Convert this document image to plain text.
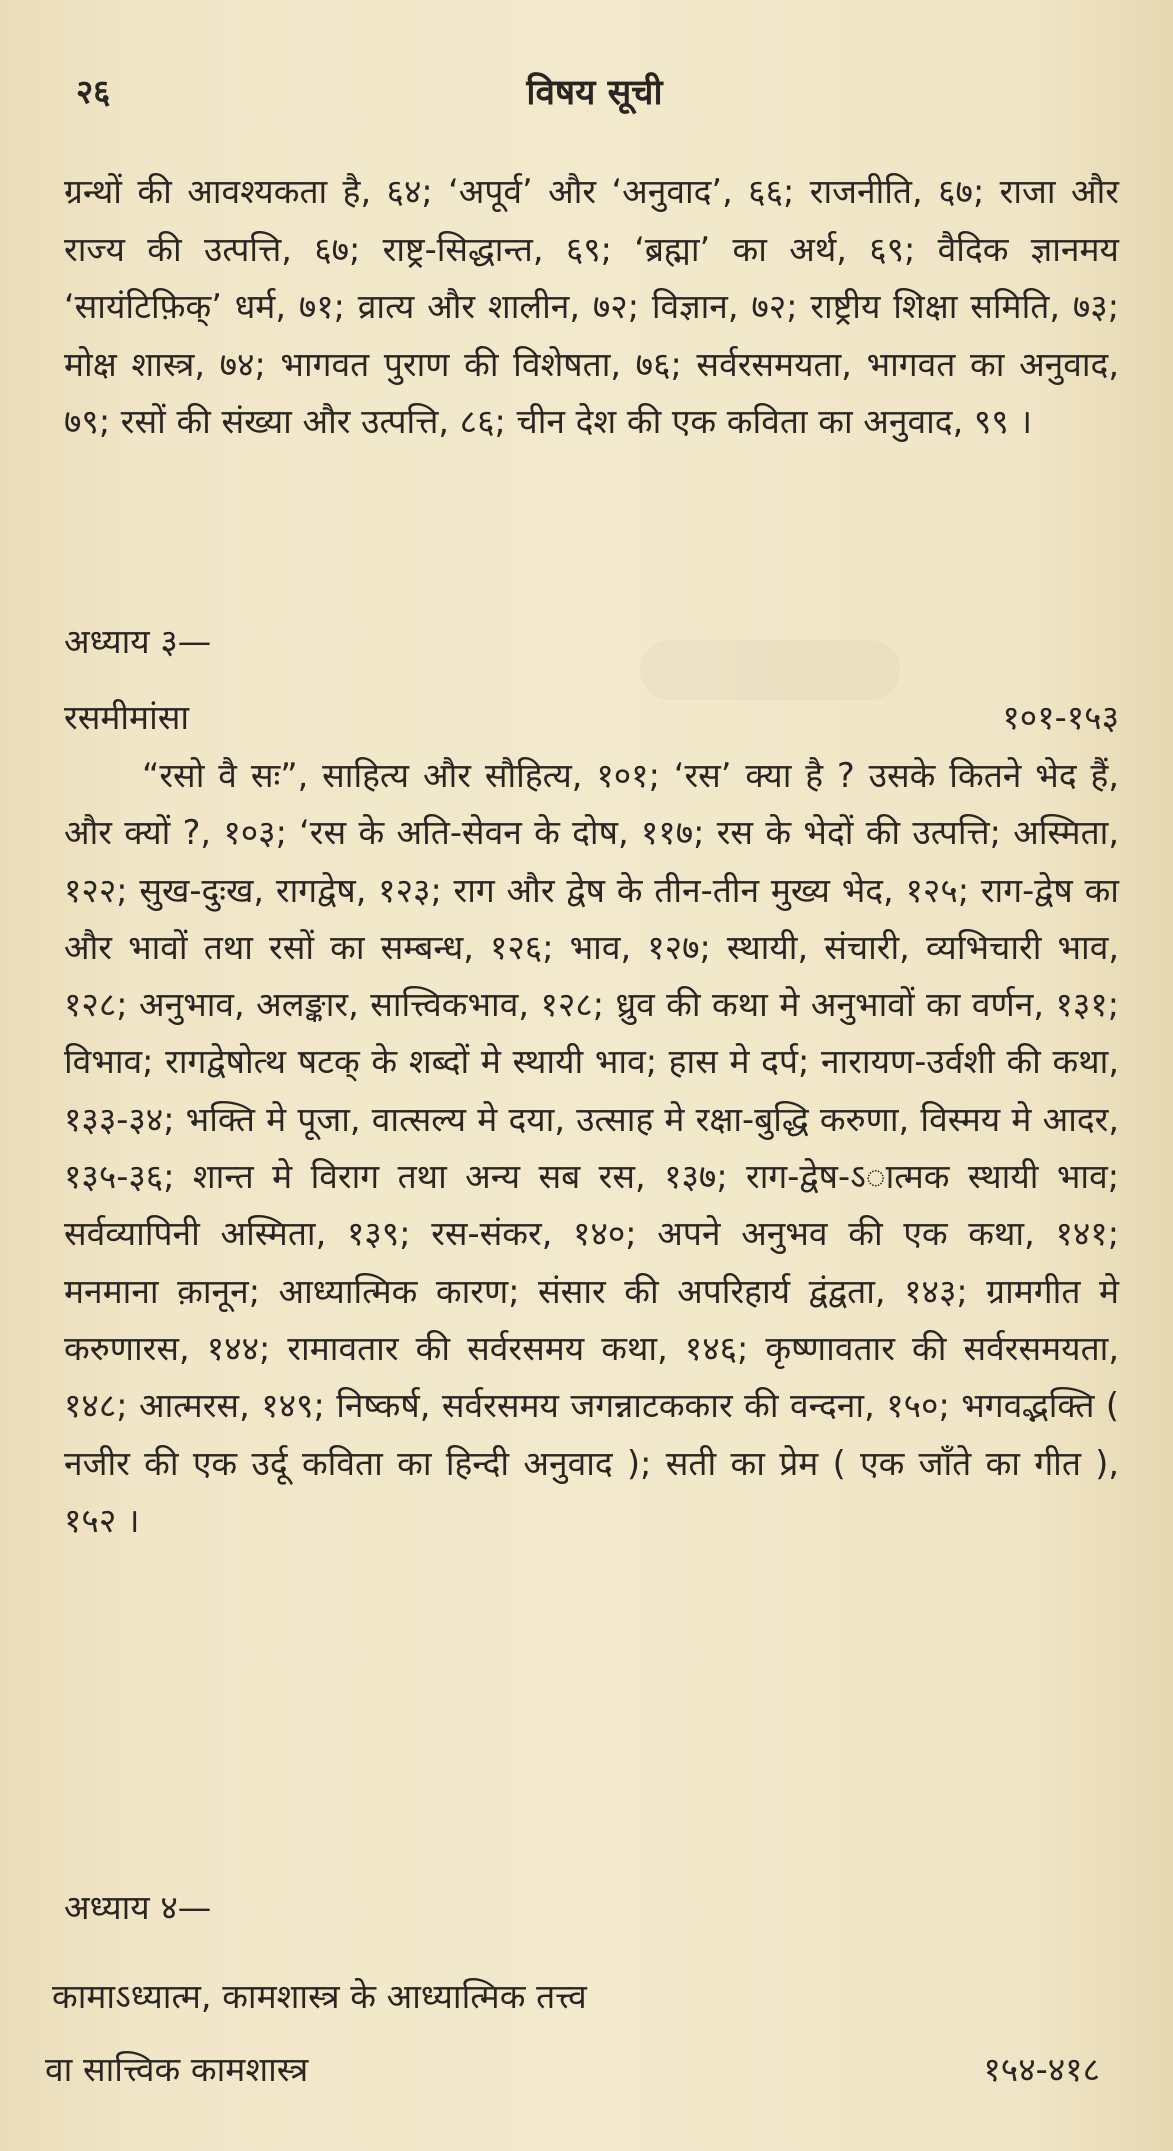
२६	विषय सूची

ग्रन्थों की आवश्यकता है, ६४; ‘अपूर्व’ और ‘अनुवाद’, ६६; राजनीति, ६७; राजा और राज्य की उत्पत्ति, ६७; राष्ट्र-सिद्धान्त, ६९; ‘ब्रह्मा’ का अर्थ, ६९; वैदिक ज्ञानमय ‘सायंटिफ़िक्’ धर्म, ७१; व्रात्य और शालीन, ७२; विज्ञान, ७२; राष्ट्रीय शिक्षा समिति, ७३; मोक्ष शास्त्र, ७४; भागवत पुराण की विशेषता, ७६; सर्वरसमयता, भागवत का अनुवाद, ७९; रसों की संख्या और उत्पत्ति, ८६; चीन देश की एक कविता का अनुवाद, ९९ ।

अध्याय ३—

रसमीमांसा	१०१-१५३

“रसो वै सः”, साहित्य और सौहित्य, १०१; ‘रस’ क्या है ? उसके कितने भेद हैं, और क्यों ?, १०३; ‘रस के अति-सेवन के दोष, ११७; रस के भेदों की उत्पत्ति; अस्मिता, १२२; सुख-दुःख, रागद्वेष, १२३; राग और द्वेष के तीन-तीन मुख्य भेद, १२५; राग-द्वेष का और भावों तथा रसों का सम्बन्ध, १२६; भाव, १२७; स्थायी, संचारी, व्यभिचारी भाव, १२८; अनुभाव, अलङ्कार, सात्त्विकभाव, १२८; ध्रुव की कथा मे अनुभावों का वर्णन, १३१; विभाव; रागद्वेषोत्थ षटक् के शब्दों मे स्थायी भाव; हास मे दर्प; नारायण-उर्वशी की कथा, १३३-३४; भक्ति मे पूजा, वात्सल्य मे दया, उत्साह मे रक्षा-बुद्धि करुणा, विस्मय मे आदर, १३५-३६; शान्त मे विराग तथा अन्य सब रस, १३७; राग-द्वेष-ऽात्मक स्थायी भाव; सर्वव्यापिनी अस्मिता, १३९; रस-संकर, १४०; अपने अनुभव की एक कथा, १४१; मनमाना क़ानून; आध्यात्मिक कारण; संसार की अपरिहार्य द्वंद्वता, १४३; ग्रामगीत मे करुणारस, १४४; रामावतार की सर्वरसमय कथा, १४६; कृष्णावतार की सर्वरसमयता, १४८; आत्मरस, १४९; निष्कर्ष, सर्वरसमय जगन्नाटककार की वन्दना, १५०; भगवद्भक्ति ( नजीर की एक उर्दू कविता का हिन्दी अनुवाद ); सती का प्रेम ( एक जाँते का गीत ), १५२ ।

अध्याय ४—

कामाऽध्यात्म, कामशास्त्र के आध्यात्मिक तत्त्व
वा सात्त्विक कामशास्त्र	१५४-४१८
